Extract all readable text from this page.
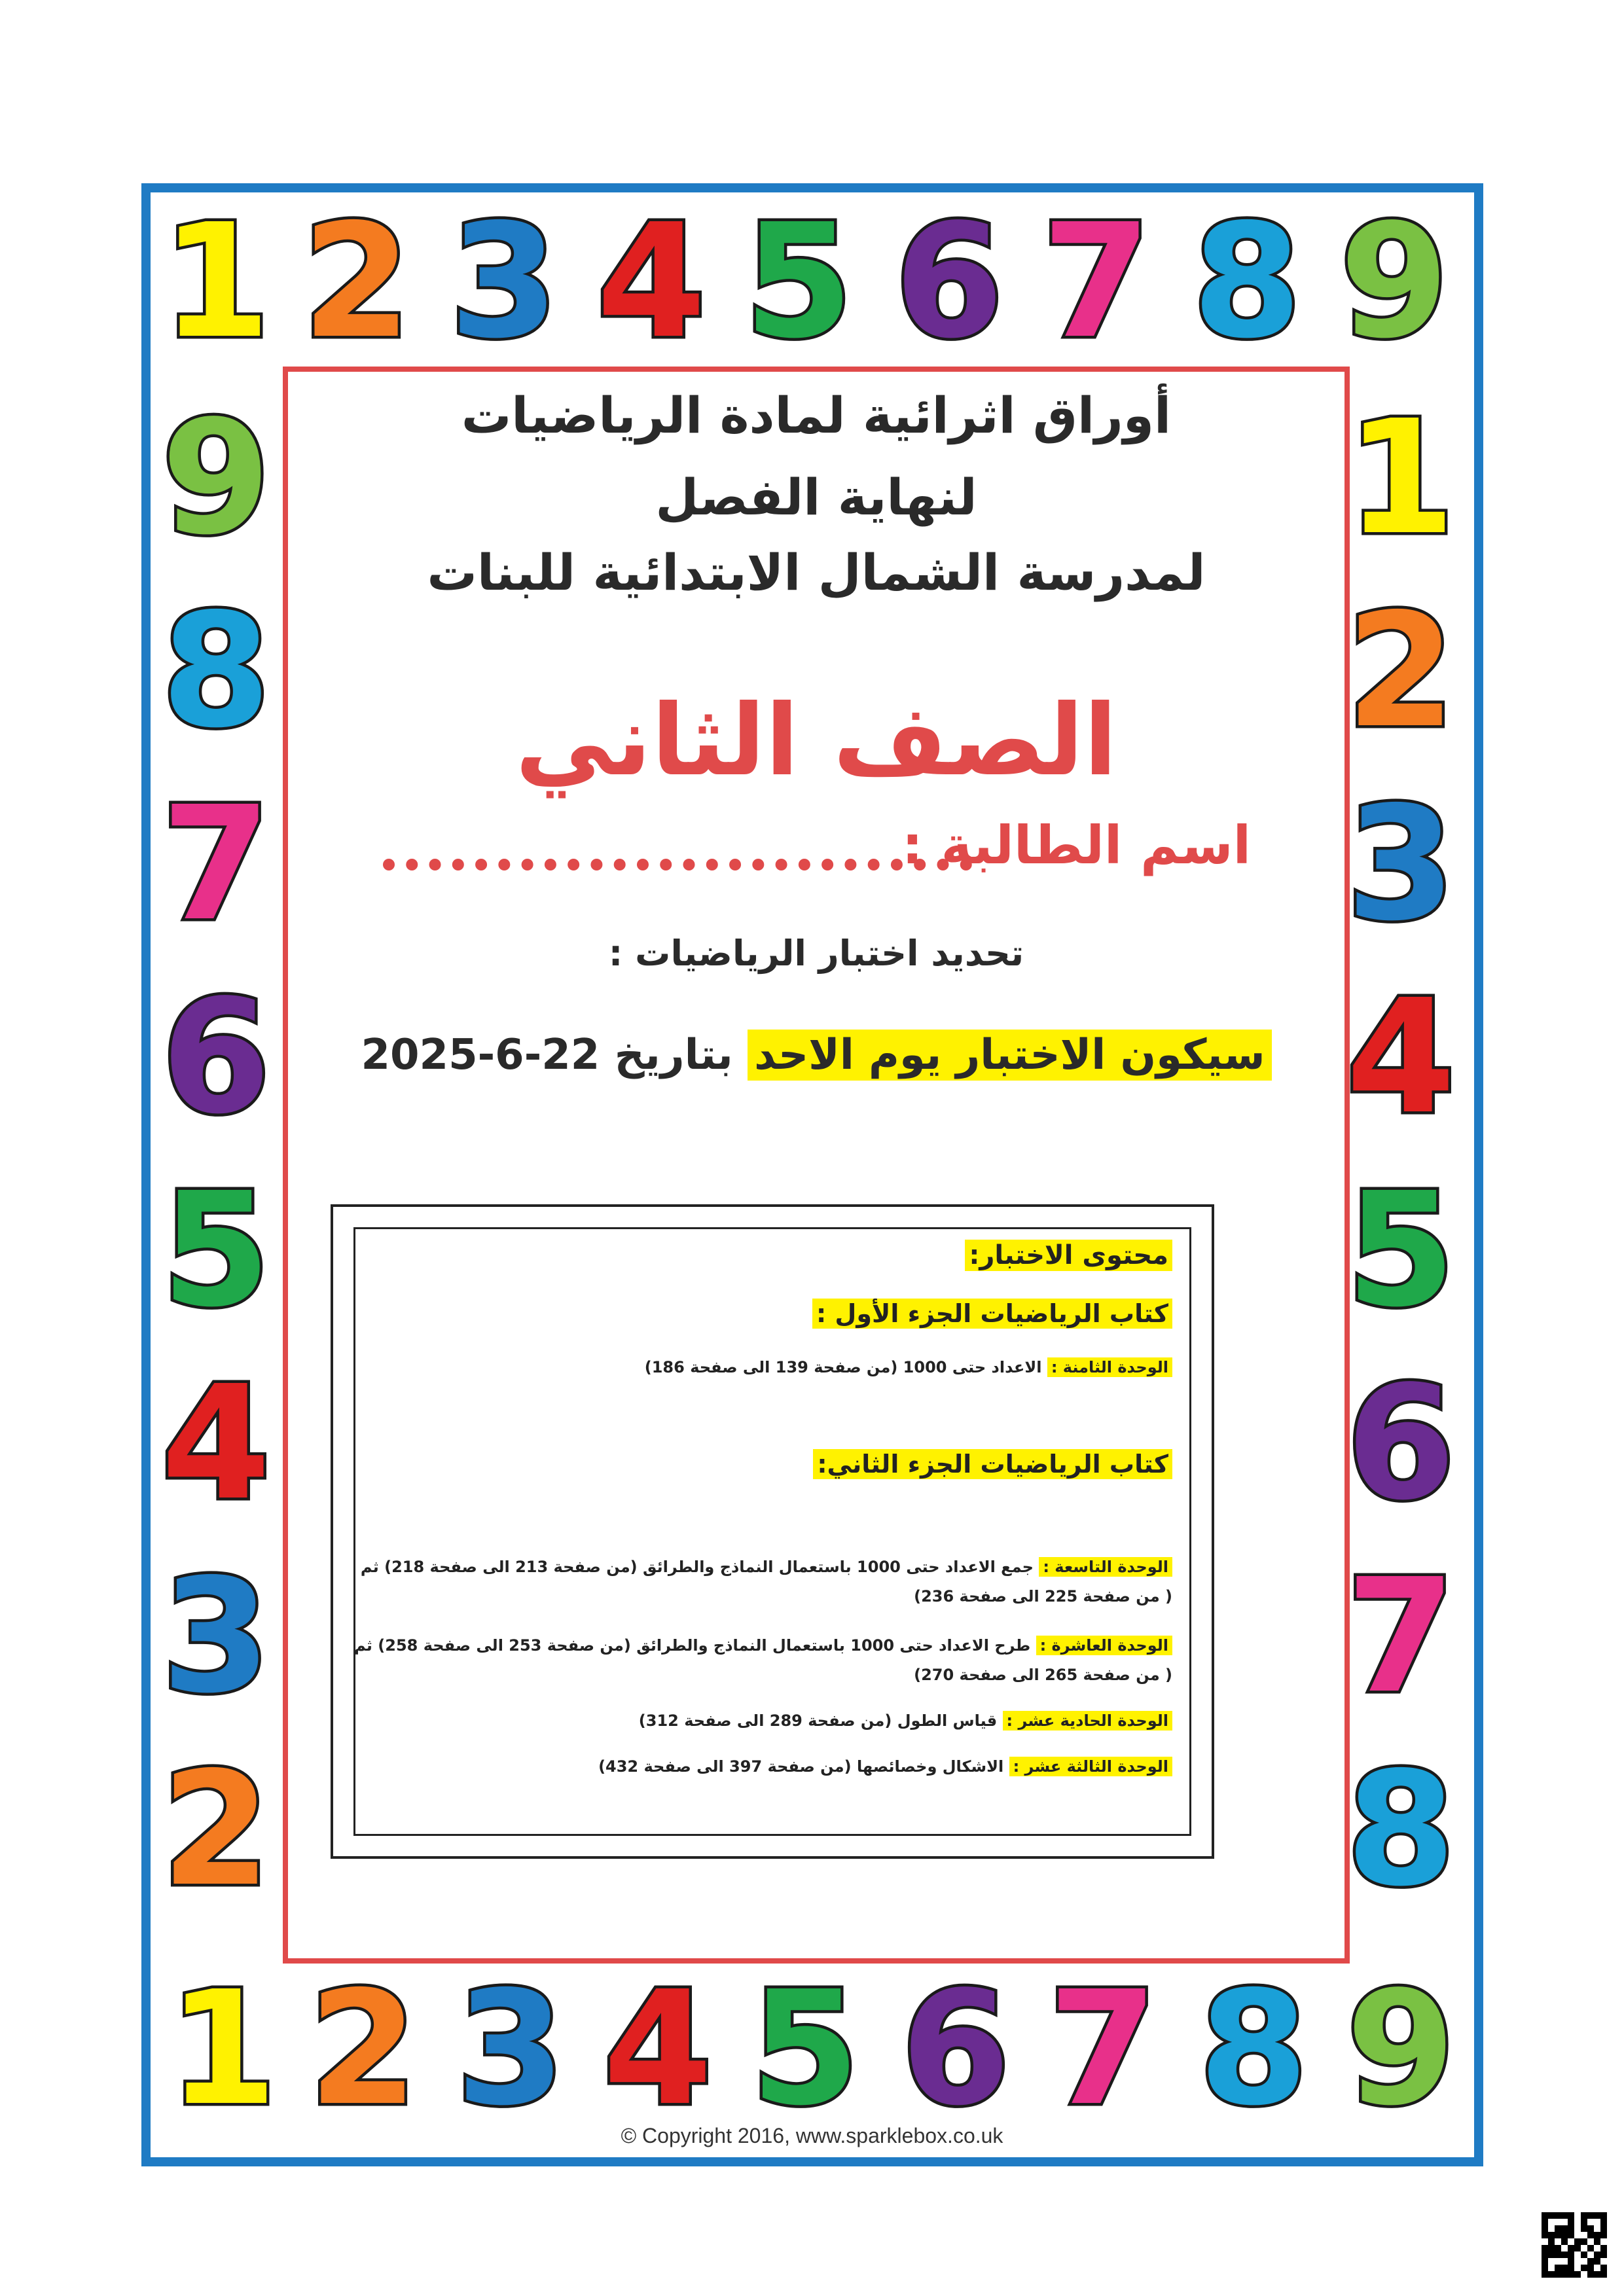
1 2 3 4 5 6 7 8 9
1 2 3 4 5 6 7 8 9
9
8
7
6
5
4
3
2
1
2
3
4
5
6
7
8
أوراق اثرائية لمادة الرياضيات
لنهاية الفصل
لمدرسة الشمال الابتدائية للبنات
الصف الثاني
اسم الطالبة :
تحديد اختبار الرياضيات :
سيكون الاختبار يوم الاحد بتاريخ 22-6-2025
محتوى الاختبار:
كتاب الرياضيات الجزء الأول :
الوحدة الثامنة : الاعداد حتى 1000 (من صفحة 139 الى صفحة 186)
كتاب الرياضيات الجزء الثاني:
الوحدة التاسعة : جمع الاعداد حتى 1000 باستعمال النماذج والطرائق (من صفحة 213 الى صفحة 218) ثم
( من صفحة 225 الى صفحة 236)
الوحدة العاشرة : طرح الاعداد حتى 1000 باستعمال النماذج والطرائق (من صفحة 253 الى صفحة 258) ثم
( من صفحة 265 الى صفحة 270)
الوحدة الحادية عشر : قياس الطول (من صفحة 289 الى صفحة 312)
الوحدة الثالثة عشر : الاشكال وخصائصها (من صفحة 397 الى صفحة 432)
© Copyright 2016, www.sparklebox.co.uk
